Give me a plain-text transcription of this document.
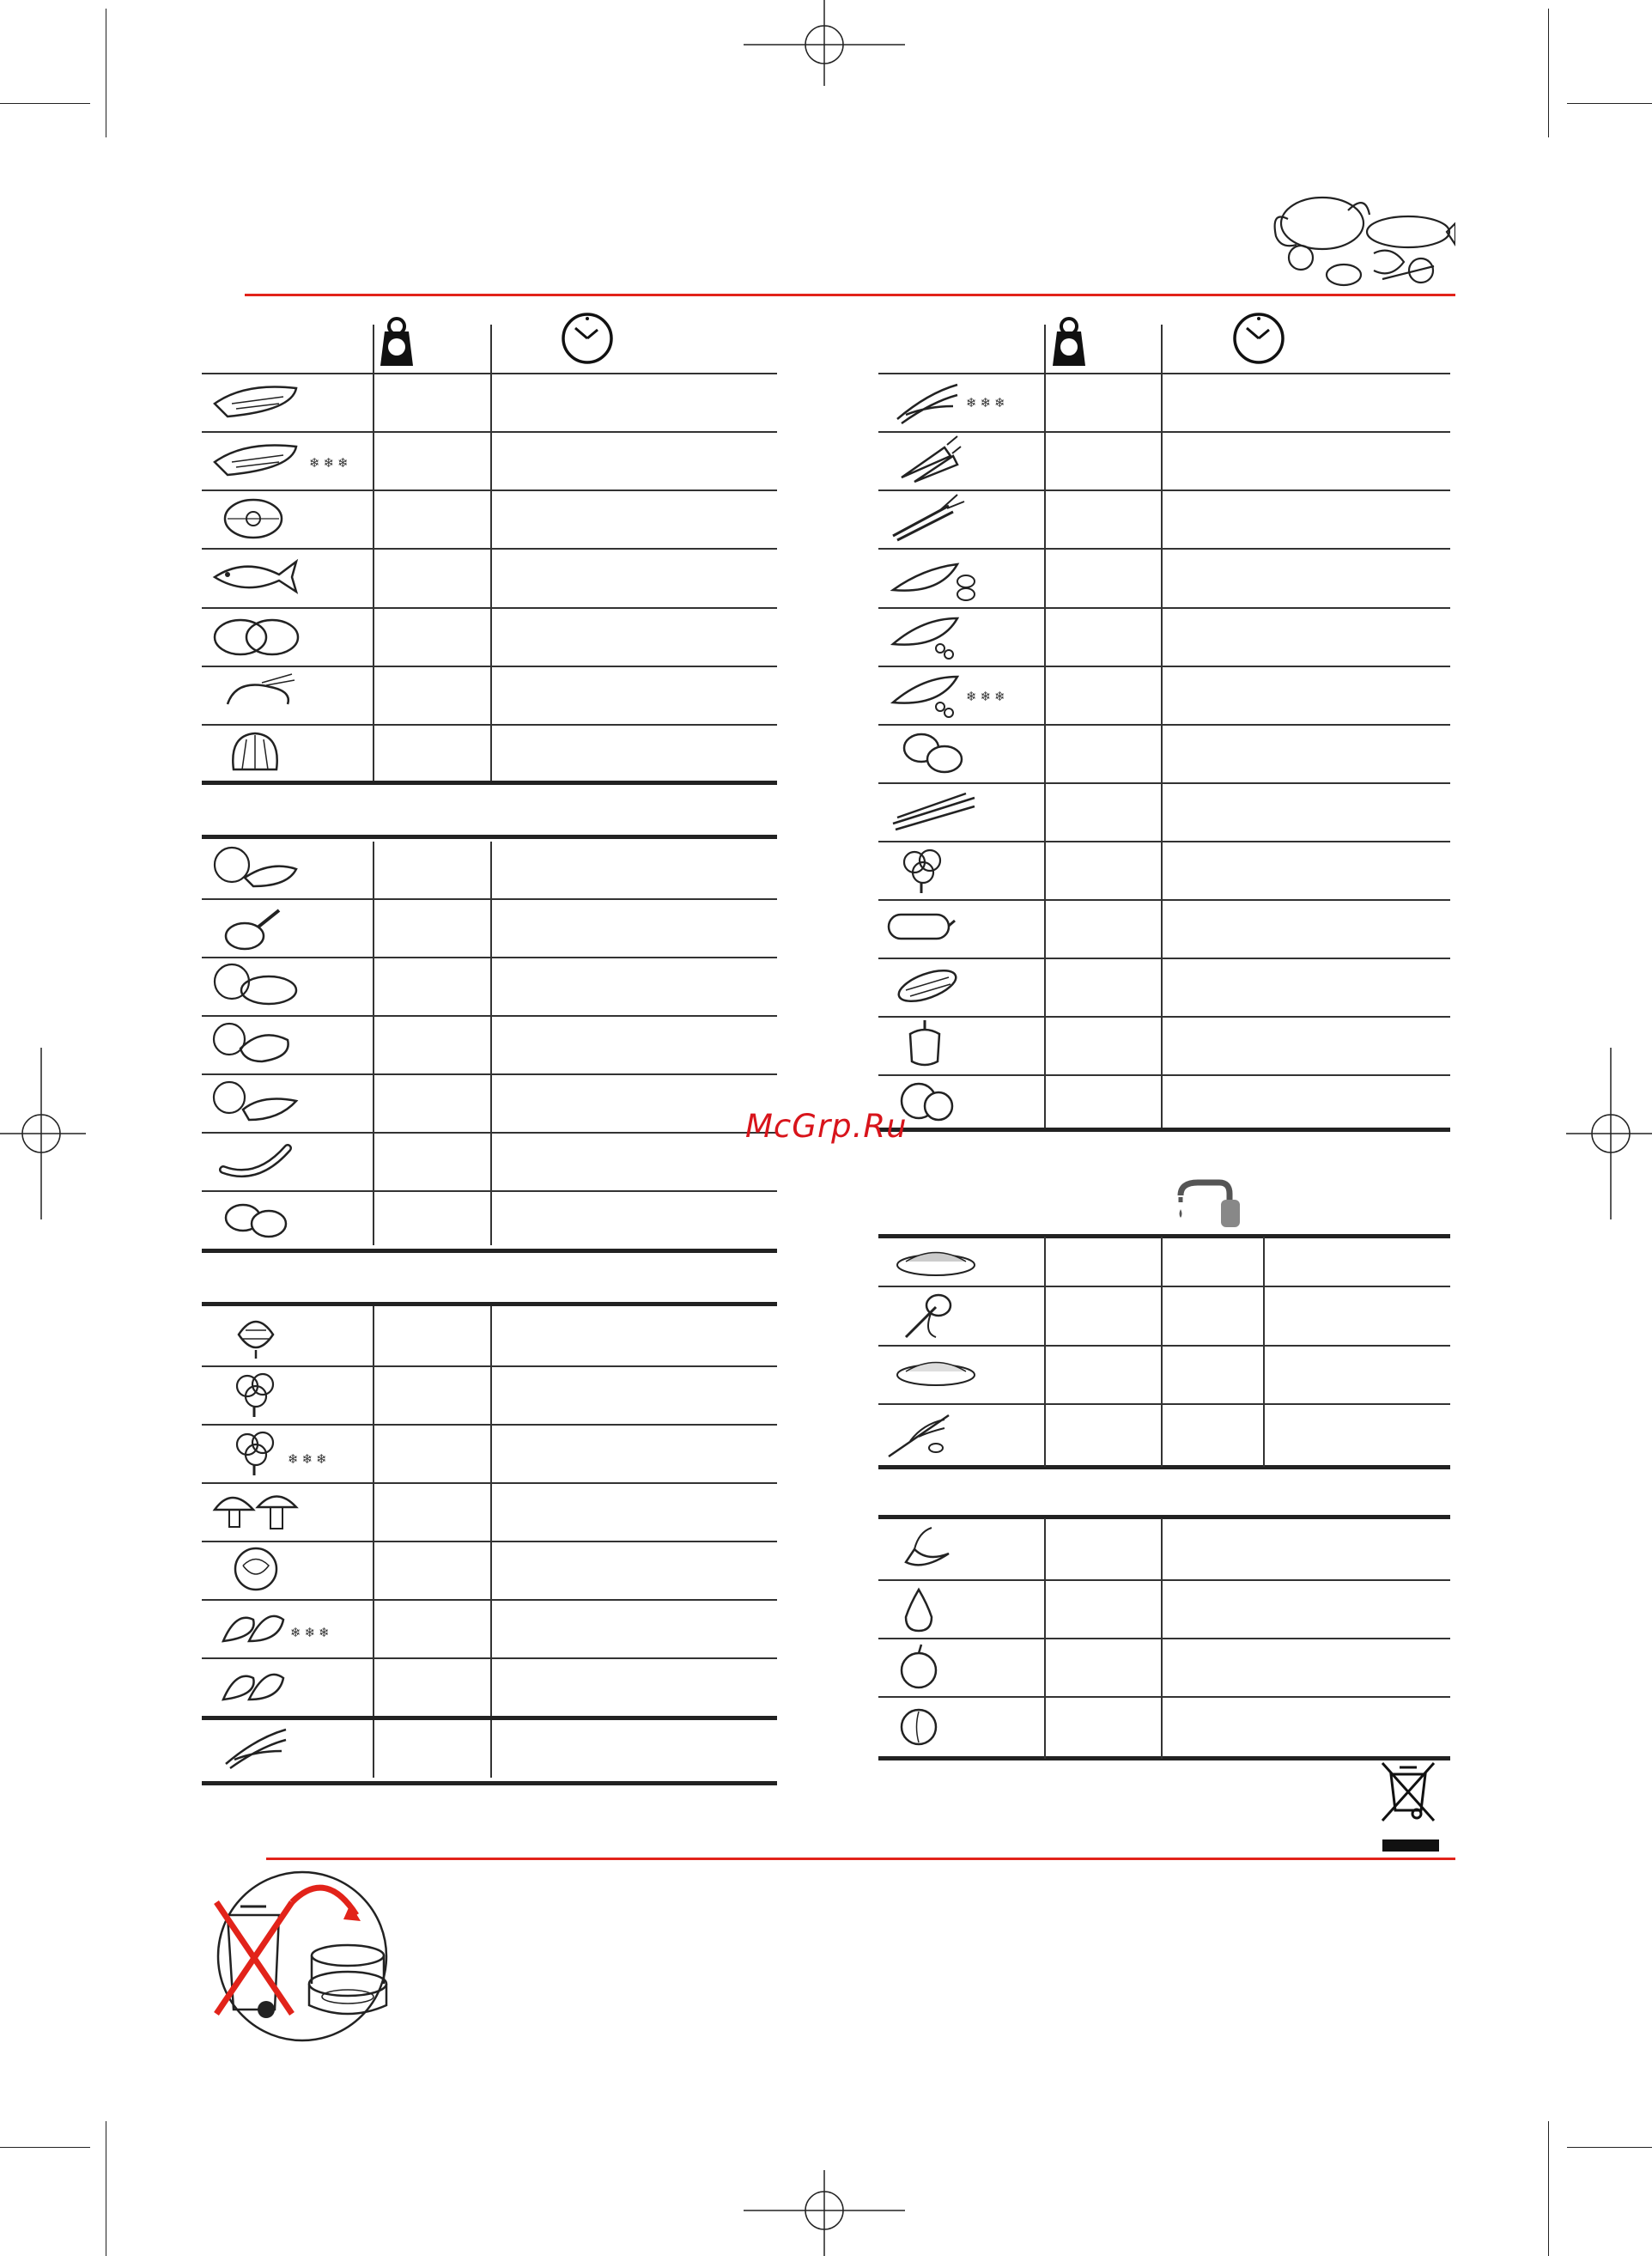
❄❄❄
❄❄❄
❄❄❄
❄❄❄
❄❄❄
McGrp.Ru
